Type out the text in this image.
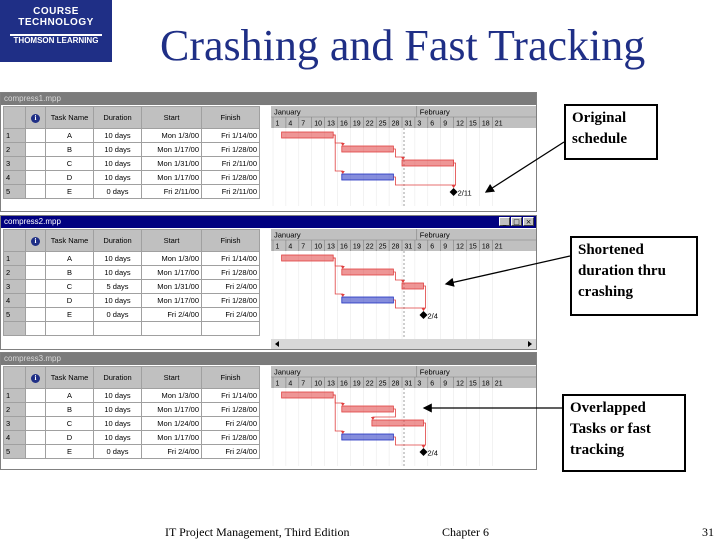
COURSE
TECHNOLOGY
THOMSON LEARNING	Crashing and Fast Tracking
compress1.mpp
	i	Task Name	Duration	Start	Finish
1		A	10 days	Mon 1/3/00	Fri 1/14/00
2		B	10 days	Mon 1/17/00	Fri 1/28/00
3		C	10 days	Mon 1/31/00	Fri 2/11/00
4		D	10 days	Mon 1/17/00	Fri 1/28/00
5		E	0 days	Fri 2/11/00	Fri 2/11/00
January	February
1 4 7 10 13 16 19 22 25 28 31 3 6 9 12 15 18 21
2/11
compress2.mpp	_ □ ×
	i	Task Name	Duration	Start	Finish
1		A	10 days	Mon 1/3/00	Fri 1/14/00
2		B	10 days	Mon 1/17/00	Fri 1/28/00
3		C	5 days	Mon 1/31/00	Fri 2/4/00
4		D	10 days	Mon 1/17/00	Fri 1/28/00
5		E	0 days	Fri 2/4/00	Fri 2/4/00

January	February
1 4 7 10 13 16 19 22 25 28 31 3 6 9 12 15 18 21
2/4
compress3.mpp
	i	Task Name	Duration	Start	Finish
1		A	10 days	Mon 1/3/00	Fri 1/14/00
2		B	10 days	Mon 1/17/00	Fri 1/28/00
3		C	10 days	Mon 1/24/00	Fri 2/4/00
4		D	10 days	Mon 1/17/00	Fri 1/28/00
5		E	0 days	Fri 2/4/00	Fri 2/4/00
January	February
1 4 7 10 13 16 19 22 25 28 31 3 6 9 12 15 18 21
2/4
Original
schedule
Shortened
duration thru
crashing
Overlapped
Tasks or fast
tracking
IT Project Management, Third Edition	Chapter 6	31
